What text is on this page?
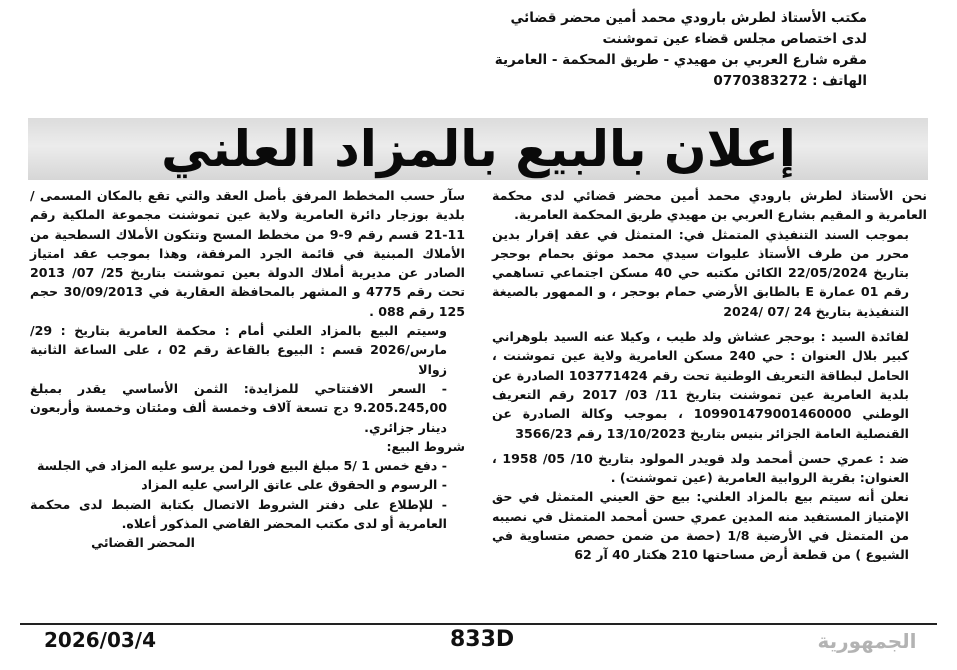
مكتب الأستاذ لطرش بارودي محمد أمين محضر قضائي
لدى اختصاص مجلس قضاء عين تموشنت
مقره شارع العربي بن مهيدي - طريق المحكمة - العامرية
الهاتف : 0770383272
إعلان بالبيع بالمزاد العلني

نحن الأستاذ لطرش بارودي محمد أمين محضر قضائي لدى محكمة العامرية و المقيم بشارع العربي بن مهيدي طريق المحكمة العامرية.

بموجب السند التنفيذي المتمثل في: المتمثل في عقد إقرار بدين محرر من طرف الأستاذ عليوات سيدي محمد موثق بحمام بوحجر بتاريخ 22/05/2024 الكائن مكتبه حي 40 مسكن اجتماعي تساهمي رقم 01 عمارة E بالطابق الأرضي حمام بوحجر ، و الممهور بالصيغة التنفيذية بتاريخ 24 /07 /2024

لفائدة السيد : بوحجر عشاش ولد طيب ، وكيلا عنه السيد بلوهراني كبير بلال العنوان : حي 240 مسكن العامرية ولاية عين تموشنت ، الحامل لبطاقة التعريف الوطنية تحت رقم 103771424 الصادرة عن بلدية العامرية عين تموشنت بتاريخ 11/ 03/ 2017 رقم التعريف الوطني 109901479001460000 ، بموجب وكالة الصادرة عن القنصلية العامة الجزائر بنيس بتاريخ 13/10/2023 رقم 3566/23

ضد : عمري حسن أمحمد ولد قويدر المولود بتاريخ 10/ 05/ 1958 ، العنوان: بقرية الروابية العامرية (عين تموشنت) .

نعلن أنه سيتم بيع بالمزاد العلني: بيع حق العيني المتمثل في حق الإمتياز المستفيد منه المدين عمري حسن أمحمد المتمثل في نصيبه من المتمثل في الأرضية 1/8 (حصة من ضمن حصص متساوية في الشيوع ) من قطعة أرض مساحتها 210 هكتار 40 آر 62

سآر حسب المخطط المرفق بأصل العقد والتي تقع بالمكان المسمى / بلدية بوزجار دائرة العامرية ولاية عين تموشنت مجموعة الملكية رقم 11-21 قسم رقم 9-9 من مخطط المسح وتتكون الأملاك السطحية من الأملاك المبنية في قائمة الجرد المرفقة، وهذا بموجب عقد امتياز الصادر عن مديرية أملاك الدولة بعين تموشنت بتاريخ 25/ 07/ 2013 تحت رقم 4775 و المشهر بالمحافظة العقارية في 30/09/2013 حجم 125 رقم 088 .

وسيتم البيع بالمزاد العلني أمام : محكمة العامرية بتاريخ : 29/ مارس/2026 قسم : البيوع بالقاعة رقم 02 ، على الساعة الثانية زوالا

- السعر الافتتاحي للمزايدة: الثمن الأساسي يقدر بمبلغ 9.205.245,00 دج تسعة آلاف وخمسة ألف ومئتان وخمسة وأربعون دينار جزائري.

شروط البيع:

- دفع خمس 1 /5 مبلغ البيع فورا لمن يرسو عليه المزاد في الجلسة

- الرسوم و الحقوق على عاتق الراسي عليه المزاد

- للإطلاع على دفتر الشروط الاتصال بكتابة الضبط لدى محكمة العامرية أو لدى مكتب المحضر القاضي المذكور أعلاه.

المحضر القضائي

2026/03/4	833D	الجمهورية
